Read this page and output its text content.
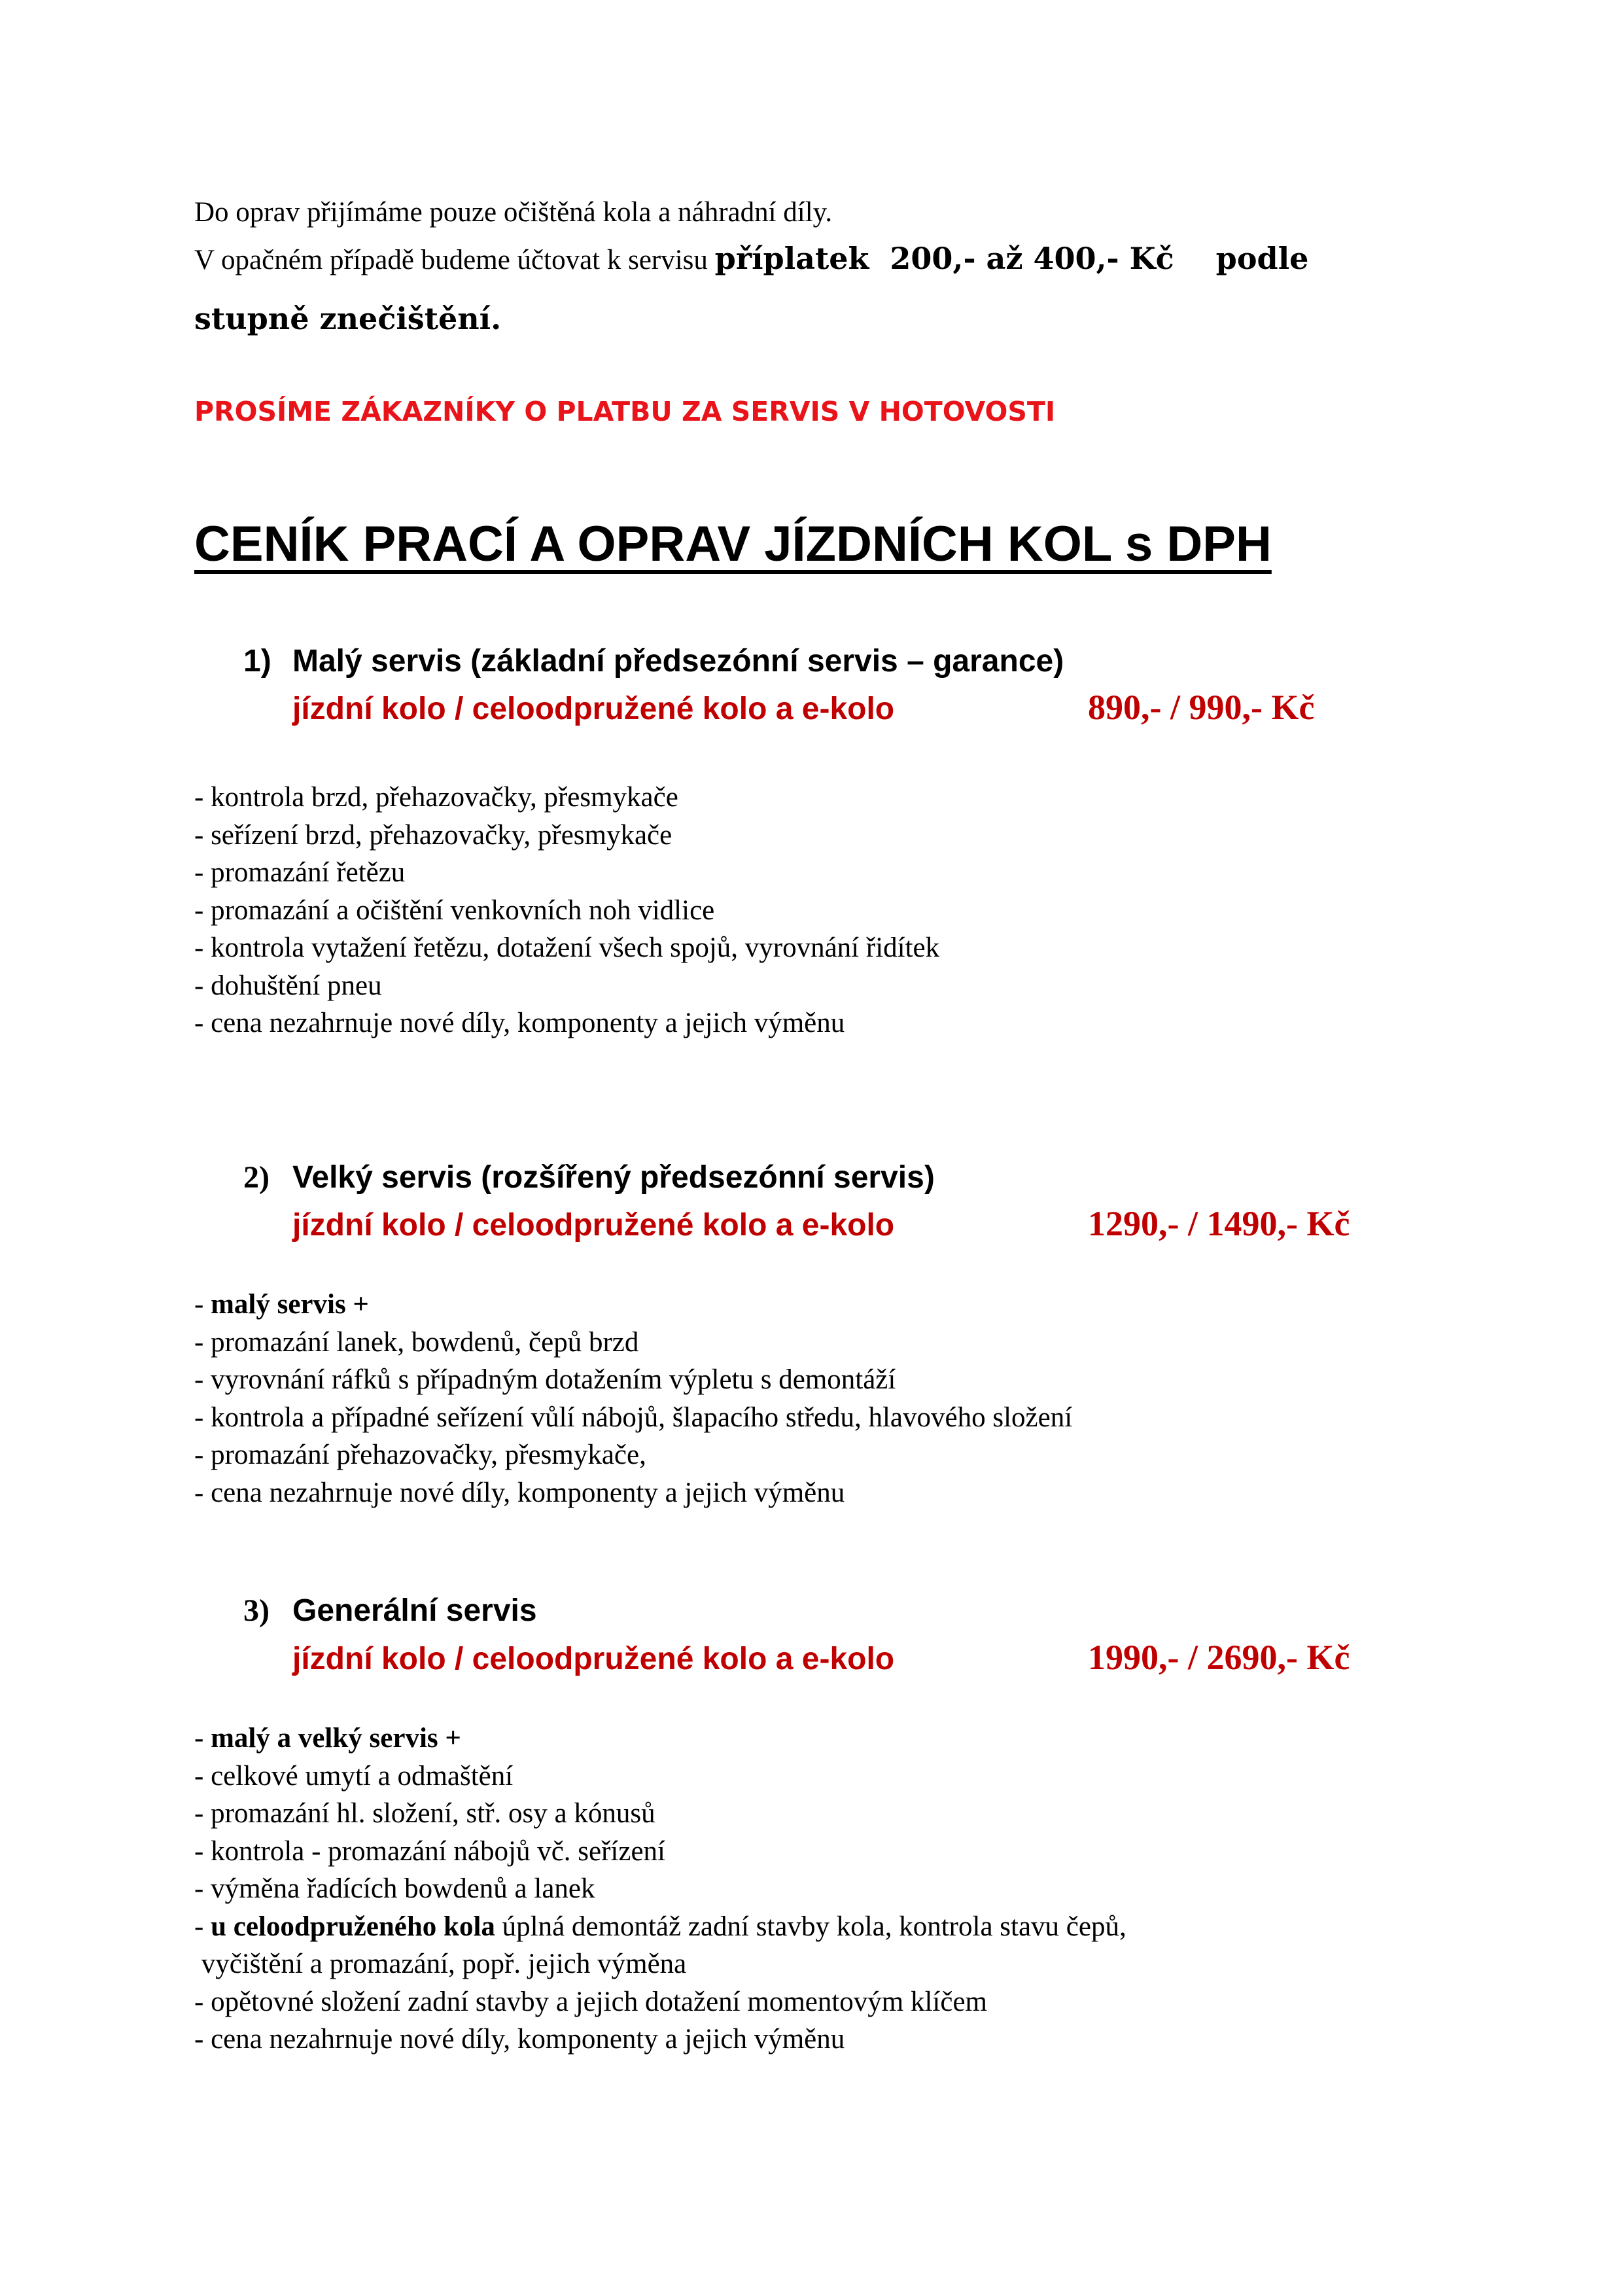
Do oprav přijímáme pouze očištěná kola a náhradní díly.
V opačném případě budeme účtovat k servisu příplatek  200,- až 400,- Kč    podle
stupně znečištění.
PROSÍME ZÁKAZNÍKY O PLATBU ZA SERVIS V HOTOVOSTI
CENÍK PRACÍ A OPRAV JÍZDNÍCH KOL s DPH
1) Malý servis (základní předsezónní servis – garance)
jízdní kolo / celoodpružené kolo a e-kolo	890,- / 990,- Kč
- kontrola brzd, přehazovačky, přesmykače
- seřízení brzd, přehazovačky, přesmykače
- promazání řetězu
- promazání a očištění venkovních noh vidlice
- kontrola vytažení řetězu, dotažení všech spojů, vyrovnání řidítek
- dohuštění pneu
- cena nezahrnuje nové díly, komponenty a jejich výměnu
2) Velký servis (rozšířený předsezónní servis)
jízdní kolo / celoodpružené kolo a e-kolo	1290,- / 1490,- Kč
- malý servis +
- promazání lanek, bowdenů, čepů brzd
- vyrovnání ráfků s případným dotažením výpletu s demontáží
- kontrola a případné seřízení vůlí nábojů, šlapacího středu, hlavového složení
- promazání přehazovačky, přesmykače,
- cena nezahrnuje nové díly, komponenty a jejich výměnu
3) Generální servis
jízdní kolo / celoodpružené kolo a e-kolo	1990,- / 2690,- Kč
- malý a velký servis +
- celkové umytí a odmaštění
- promazání hl. složení, stř. osy a kónusů
- kontrola - promazání nábojů vč. seřízení
- výměna řadících bowdenů a lanek
- u celoodpruženého kola úplná demontáž zadní stavby kola, kontrola stavu čepů,
vyčištění a promazání, popř. jejich výměna
- opětovné složení zadní stavby a jejich dotažení momentovým klíčem
- cena nezahrnuje nové díly, komponenty a jejich výměnu
